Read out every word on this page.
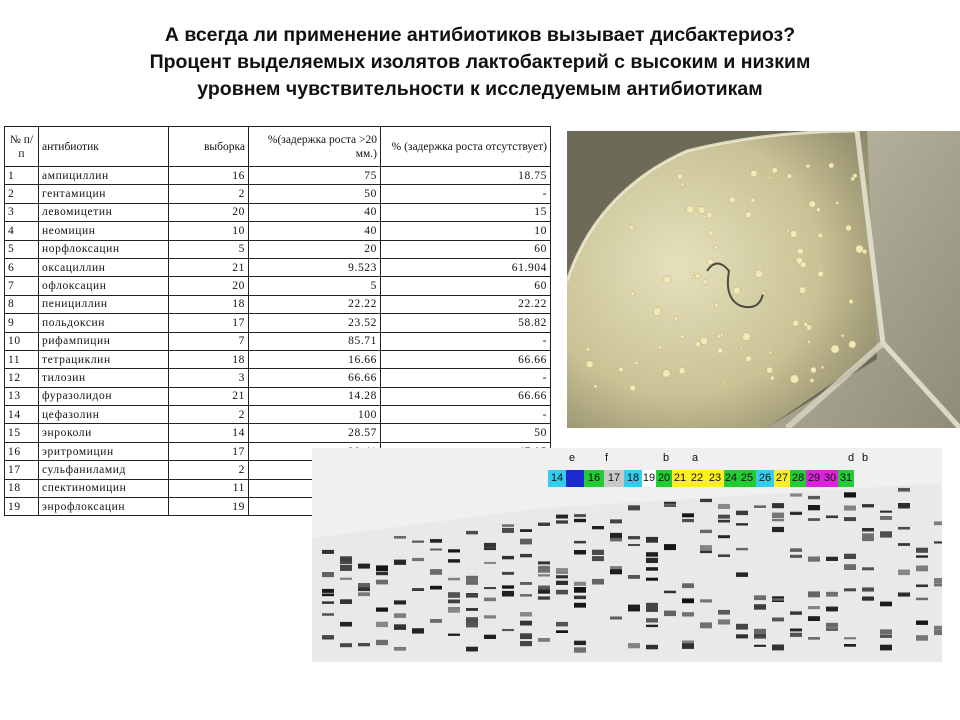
А всегда ли применение антибиотиков вызывает дисбактериоз?
Процент выделяемых изолятов лактобактерий с высоким и низким
уровнем чувствительности к исследуемым антибиотикам
№ п/п	антибиотик	выборка	%(задержка роста >20 мм.)	% (задержка роста отсутствует)
1	ампициллин	16	75	18.75
2	гентамицин	2	50	-
3	левомицетин	20	40	15
4	неомицин	10	40	10
5	норфлоксацин	5	20	60
6	оксациллин	21	9.523	61.904
7	офлоксацин	20	5	60
8	пенициллин	18	22.22	22.22
9	польдоксин	17	23.52	58.82
10	рифампицин	7	85.71	-
11	тетрациклин	18	16.66	66.66
12	тилозин	3	66.66	-
13	фуразолидон	21	14.28	66.66
14	цефазолин	2	100	-
15	энроколи	14	28.57	50
16	эритромицин	17		
17	сульфаниламид	2		
18	спектиномицин	11		
19	энрофлоксацин	19		
14	16 17 18 19 20 21 22 23 24 25 26 27 28 29 30 31
e	f	b a	d b
